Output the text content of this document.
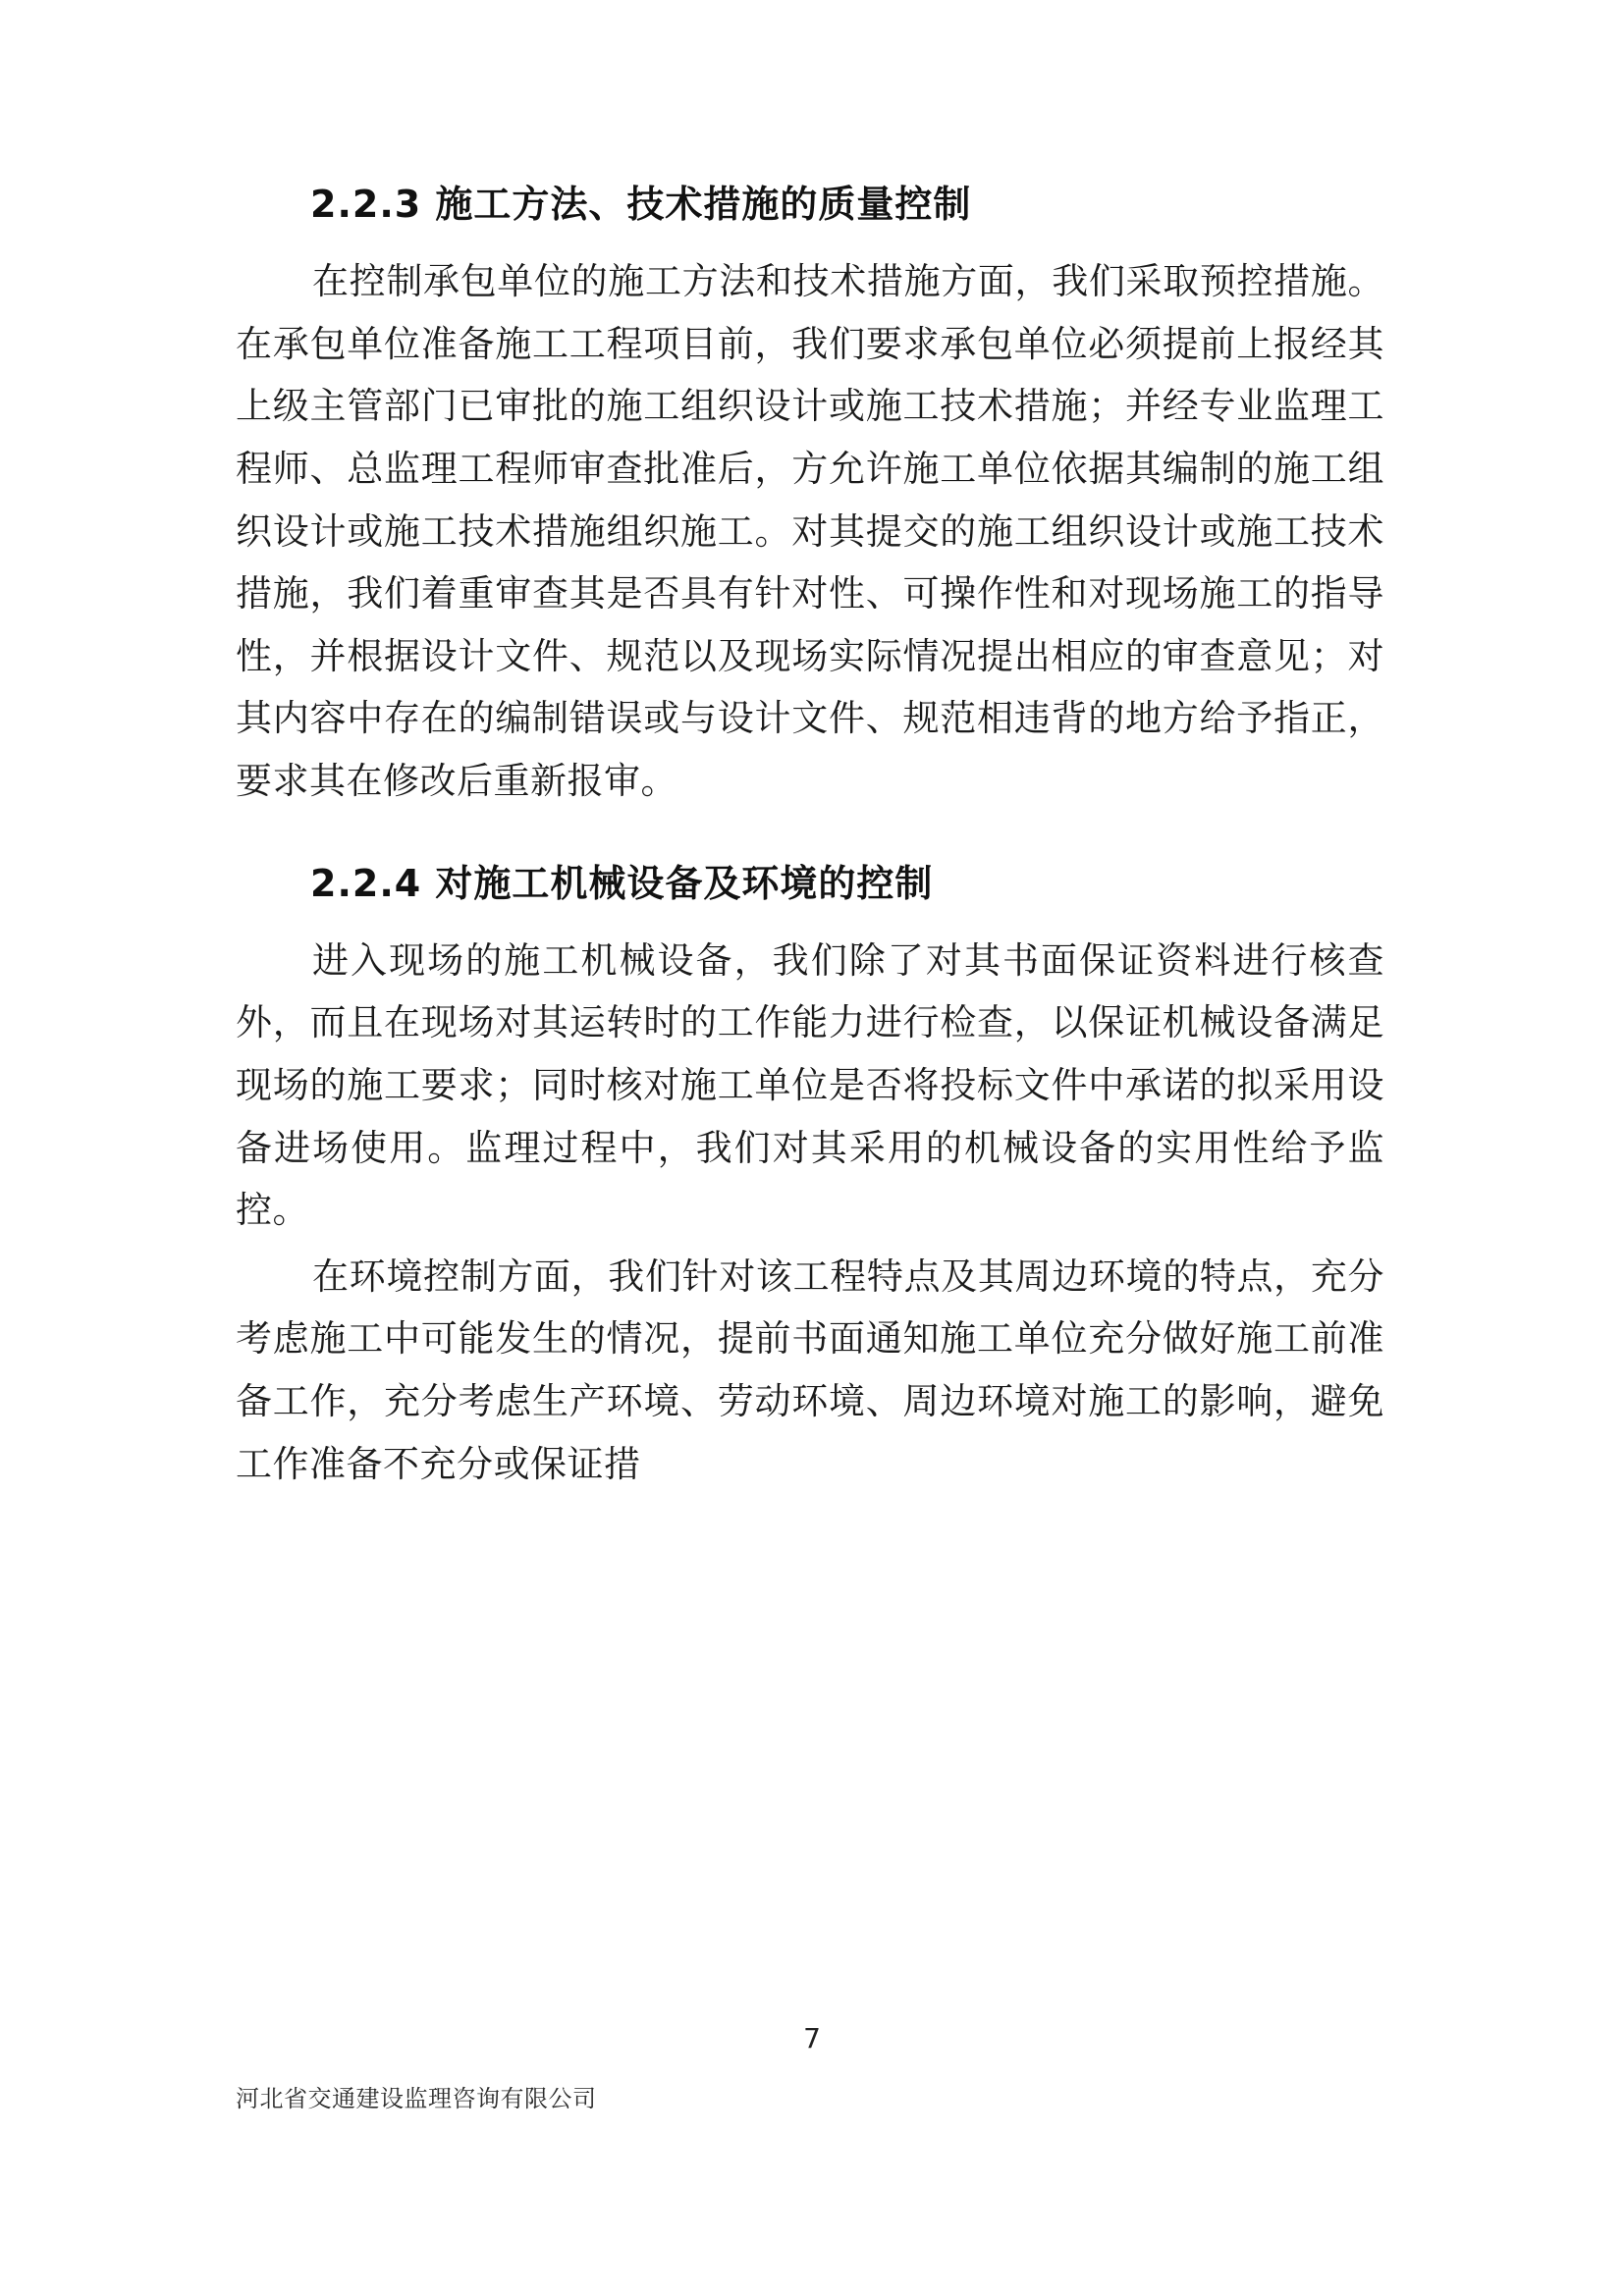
2.2.3 施工方法、技术措施的质量控制

在控制承包单位的施工方法和技术措施方面，我们采取预控措施。在承包单位准备施工工程项目前，我们要求承包单位必须提前上报经其上级主管部门已审批的施工组织设计或施工技术措施；并经专业监理工程师、总监理工程师审查批准后，方允许施工单位依据其编制的施工组织设计或施工技术措施组织施工。对其提交的施工组织设计或施工技术措施，我们着重审查其是否具有针对性、可操作性和对现场施工的指导性，并根据设计文件、规范以及现场实际情况提出相应的审查意见；对其内容中存在的编制错误或与设计文件、规范相违背的地方给予指正，要求其在修改后重新报审。

2.2.4 对施工机械设备及环境的控制

进入现场的施工机械设备，我们除了对其书面保证资料进行核查外，而且在现场对其运转时的工作能力进行检查，以保证机械设备满足现场的施工要求；同时核对施工单位是否将投标文件中承诺的拟采用设备进场使用。监理过程中，我们对其采用的机械设备的实用性给予监控。

在环境控制方面，我们针对该工程特点及其周边环境的特点，充分考虑施工中可能发生的情况，提前书面通知施工单位充分做好施工前准备工作，充分考虑生产环境、劳动环境、周边环境对施工的影响，避免工作准备不充分或保证措

7
河北省交通建设监理咨询有限公司
